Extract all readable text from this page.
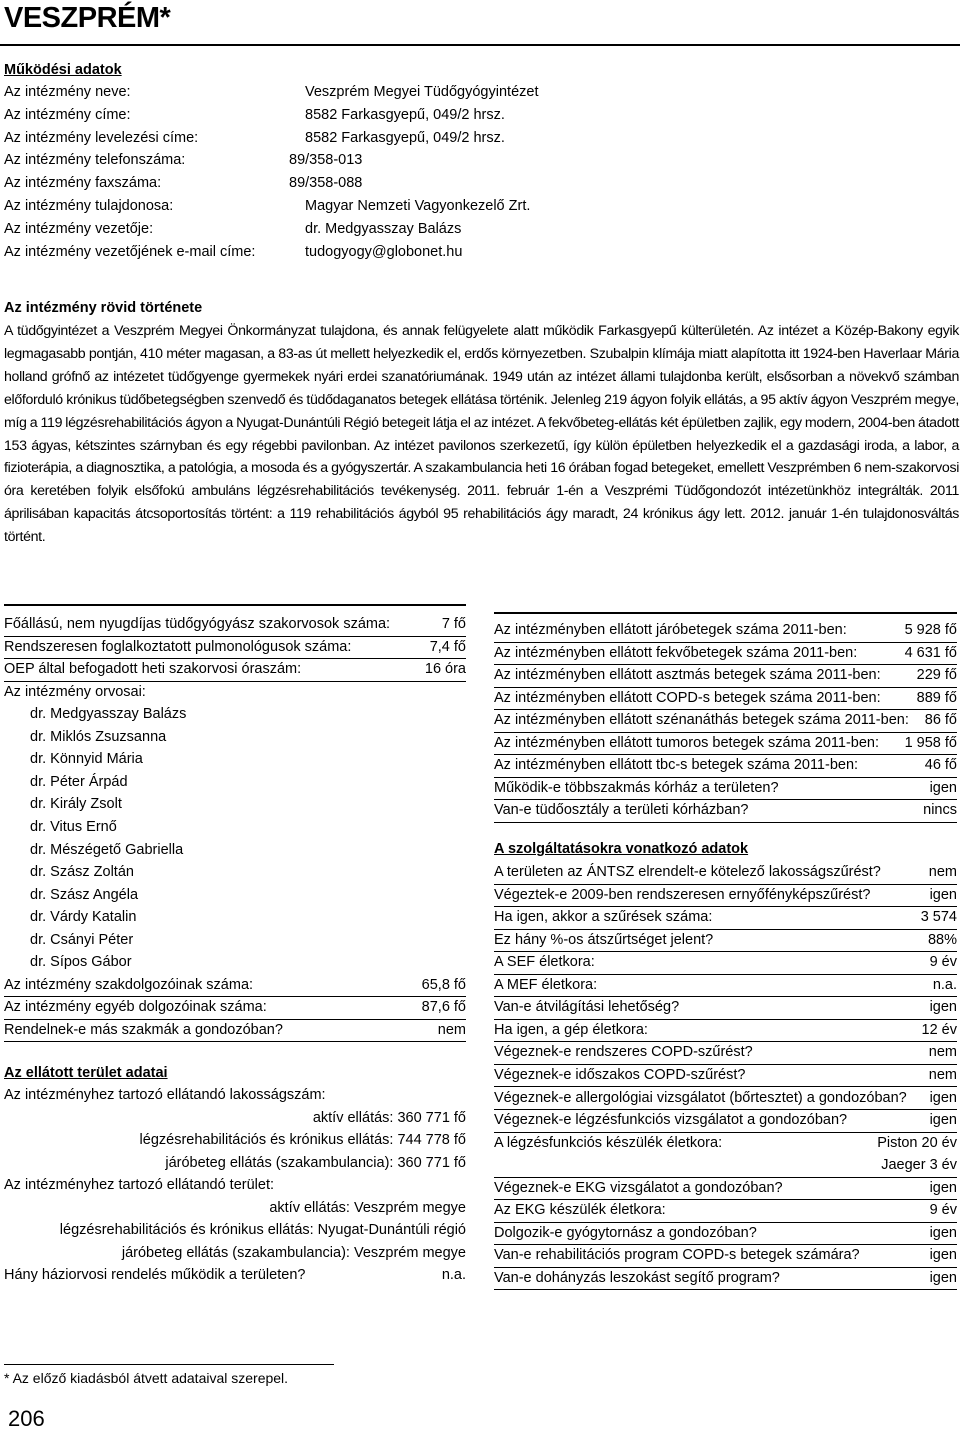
VESZPRÉM*
Működési adatok
Az intézmény neve:	Veszprém Megyei Tüdőgyógyintézet
Az intézmény címe:	8582 Farkasgyepű, 049/2 hrsz.
Az intézmény levelezési címe:	8582 Farkasgyepű, 049/2 hrsz.
Az intézmény telefonszáma:	89/358-013
Az intézmény faxszáma:	89/358-088
Az intézmény tulajdonosa:	Magyar Nemzeti Vagyonkezelő Zrt.
Az intézmény vezetője:	dr. Medgyasszay Balázs
Az intézmény vezetőjének e-mail címe:	tudogyogy@globonet.hu
Az intézmény rövid története
A tüdőgyintézet a Veszprém Megyei Önkormányzat tulajdona, és annak felügyelete alatt működik Farkasgyepű külterületén. Az intézet a Közép-Bakony egyik legmagasabb pontján, 410 méter magasan, a 83-as út mellett helyezkedik el, erdős környezetben. Szubalpin klímája miatt alapította itt 1924-ben Haverlaar Mária holland grófnő az intézetet tüdőgyenge gyermekek nyári erdei szanatóriumának. 1949 után az intézet állami tulajdonba került, elsősorban a növekvő számban előforduló krónikus tüdőbetegségben szenvedő és tüdődaganatos betegek ellátása történik. Jelenleg 219 ágyon folyik ellátás, a 95 aktív ágyon Veszprém megye, míg a 119 légzésrehabilitációs ágyon a Nyugat-Dunántúli Régió betegeit látja el az intézet. A fekvőbeteg-ellátás két épületben zajlik, egy modern, 2004-ben átadott 153 ágyas, kétszintes szárnyban és egy régebbi pavilonban. Az intézet pavilonos szerkezetű, így külön épületben helyezkedik el a gazdasági iroda, a labor, a fizioterápia, a diagnosztika, a patológia, a mosoda és a gyógyszertár. A szakambulancia heti 16 órában fogad betegeket, emellett Veszprémben 6 nem-szakorvosi óra keretében folyik elsőfokú ambuláns légzésrehabilitációs tevékenység. 2011. február 1-én a Veszprémi Tüdőgondozót intézetünkhöz integrálták. 2011 áprilisában kapacitás átcsoportosítás történt: a 119 rehabilitációs ágyból 95 rehabilitációs ágy maradt, 24 krónikus ágy lett. 2012. január 1-én tulajdonosváltás történt.
Főállású, nem nyugdíjas tüdőgyógyász szakorvosok száma:	7 fő
Rendszeresen foglalkoztatott pulmonológusok száma:	7,4 fő
OEP által befogadott heti szakorvosi óraszám:	16 óra
Az intézmény orvosai:
dr. Medgyasszay Balázs
dr. Miklós Zsuzsanna
dr. Könnyid Mária
dr. Péter Árpád
dr. Király Zsolt
dr. Vitus Ernő
dr. Mészégető Gabriella
dr. Szász Zoltán
dr. Szász Angéla
dr. Várdy Katalin
dr. Csányi Péter
dr. Sípos Gábor
Az intézmény szakdolgozóinak száma:	65,8 fő
Az intézmény egyéb dolgozóinak száma:	87,6 fő
Rendelnek-e más szakmák a gondozóban?	nem
Az ellátott terület adatai
Az intézményhez tartozó ellátandó lakosságszám:
aktív ellátás: 360 771 fő
légzésrehabilitációs és krónikus ellátás: 744 778 fő
járóbeteg ellátás (szakambulancia): 360 771 fő
Az intézményhez tartozó ellátandó terület:
aktív ellátás: Veszprém megye
légzésrehabilitációs és krónikus ellátás: Nyugat-Dunántúli régió
járóbeteg ellátás (szakambulancia): Veszprém megye
Hány háziorvosi rendelés működik a területen?	n.a.
Az intézményben ellátott járóbetegek száma 2011-ben:	5 928 fő
Az intézményben ellátott fekvőbetegek száma 2011-ben:	4 631 fő
Az intézményben ellátott asztmás betegek száma 2011-ben: 229 fő
Az intézményben ellátott COPD-s betegek száma 2011-ben: 889 fő
Az intézményben ellátott szénanáthás betegek száma 2011-ben: 86 fő
Az intézményben ellátott tumoros betegek száma 2011-ben: 1 958 fő
Az intézményben ellátott tbc-s betegek száma 2011-ben:	46 fő
Működik-e többszakmás kórház a területen?	igen
Van-e tüdőosztály a területi kórházban?	nincs
A szolgáltatásokra vonatkozó adatok
A területen az ÁNTSZ elrendelt-e kötelező lakosságszűrést?	nem
Végeztek-e 2009-ben rendszeresen ernyőfényképszűrést?	igen
Ha igen, akkor a szűrések száma:	3 574
Ez hány %-os átszűrtséget jelent?	88%
A SEF életkora:	9 év
A MEF életkora:	n.a.
Van-e átvilágítási lehetőség?	igen
Ha igen, a gép életkora:	12 év
Végeznek-e rendszeres COPD-szűrést?	nem
Végeznek-e időszakos COPD-szűrést?	nem
Végeznek-e allergológiai vizsgálatot (bőrtesztet) a gondozóban? igen
Végeznek-e légzésfunkciós vizsgálatot a gondozóban?	igen
A légzésfunkciós készülék életkora:	Piston 20 év
Jaeger 3 év
Végeznek-e EKG vizsgálatot a gondozóban?	igen
Az EKG készülék életkora:	9 év
Dolgozik-e gyógytornász a gondozóban?	igen
Van-e rehabilitációs program COPD-s betegek számára?	igen
Van-e dohányzás leszokást segítő program?	igen
* Az előző kiadásból átvett adataival szerepel.
206
